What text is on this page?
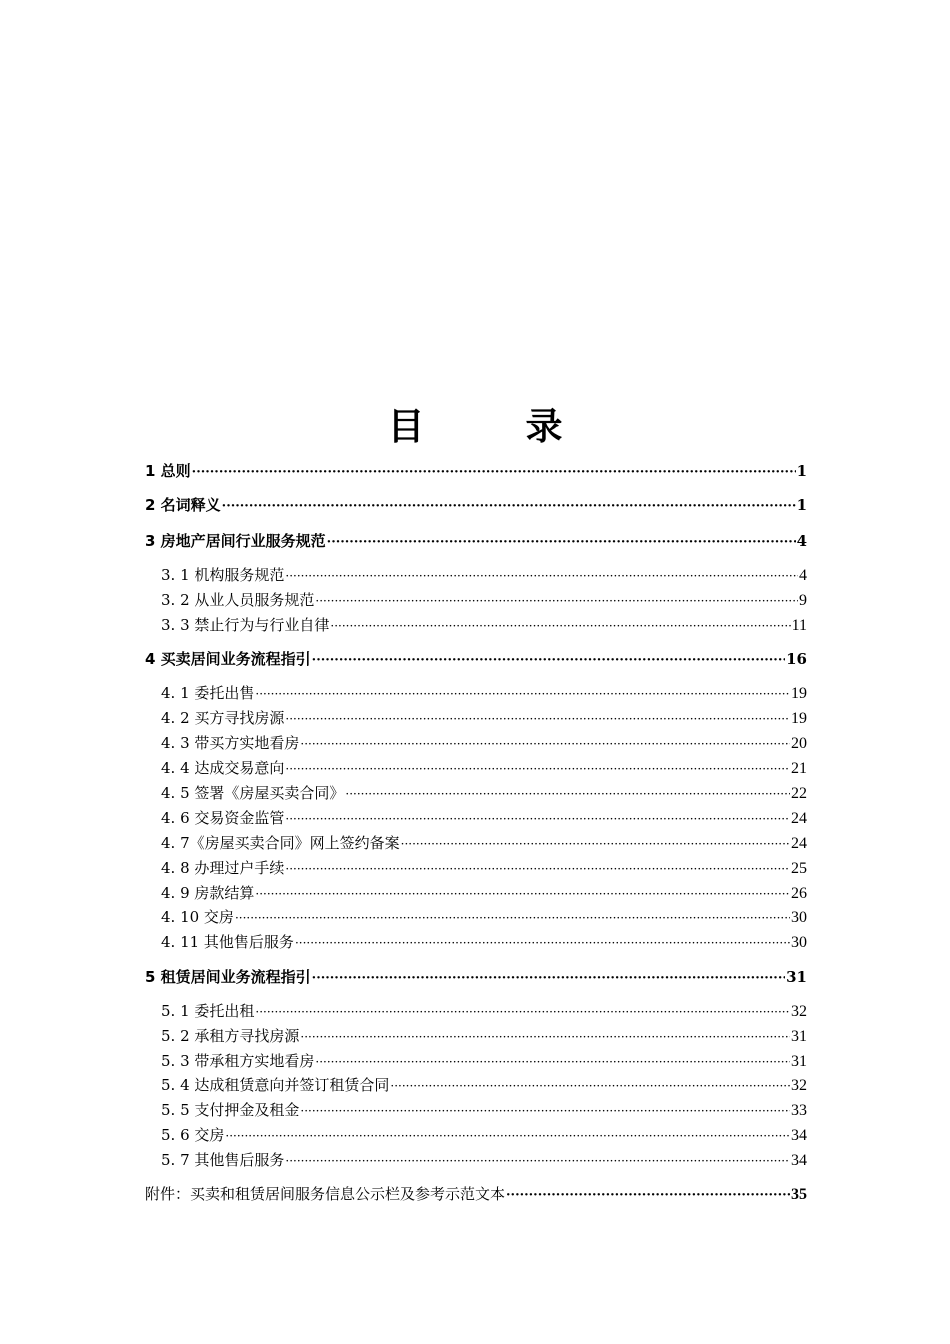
目　录
1 总则 ·····	1
2 名词释义 ·····	1
3 房地产居间行业服务规范 ·····	4
3. 1 机构服务规范 ·····	4
3. 2 从业人员服务规范 ·····	9
3. 3 禁止行为与行业自律 ·····	11
4 买卖居间业务流程指引 ·····	16
4. 1 委托出售 ·····	19
4. 2 买方寻找房源 ·····	19
4. 3 带买方实地看房 ·····	20
4. 4 达成交易意向 ·····	21
4. 5 签署《房屋买卖合同》 ·····	22
4. 6 交易资金监管 ·····	24
4. 7《房屋买卖合同》网上签约备案 ·····	24
4. 8 办理过户手续 ·····	25
4. 9 房款结算 ·····	26
4. 10 交房 ·····	30
4. 11 其他售后服务 ·····	30
5 租赁居间业务流程指引 ·····	31
5. 1 委托出租 ·····	32
5. 2 承租方寻找房源 ·····	31
5. 3 带承租方实地看房 ·····	31
5. 4 达成租赁意向并签订租赁合同 ·····	32
5. 5 支付押金及租金 ·····	33
5. 6 交房 ·····	34
5. 7 其他售后服务 ·····	34
附件：买卖和租赁居间服务信息公示栏及参考示范文本 ·····	35
